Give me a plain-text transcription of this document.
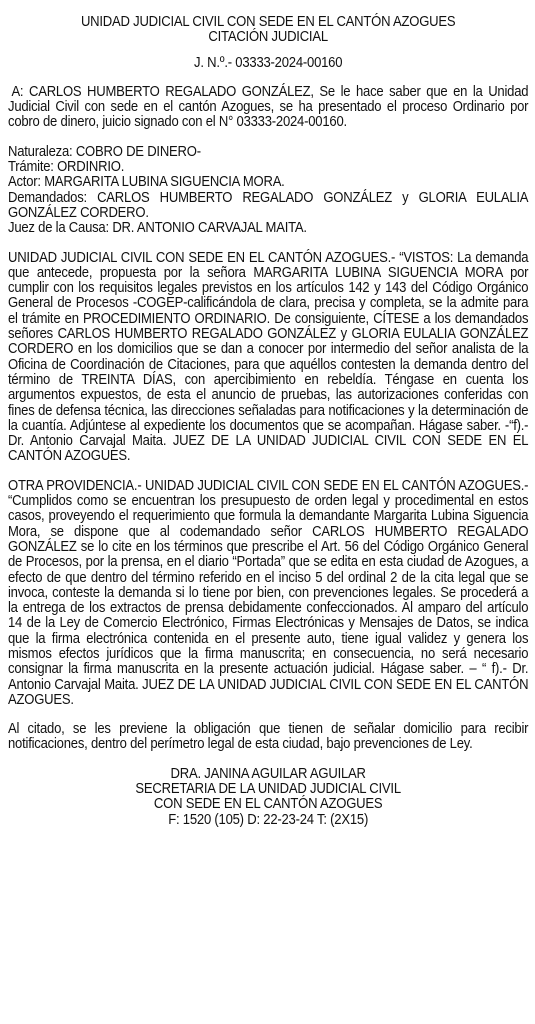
UNIDAD JUDICIAL CIVIL CON SEDE EN EL CANTÓN AZOGUES

CITACIÓN JUDICIAL

J. N.º.- 03333-2024-00160

A: CARLOS HUMBERTO REGALADO GONZÁLEZ, Se le hace saber que en la Unidad Judicial Civil con sede en el cantón Azogues, se ha presentado el proceso Ordinario por cobro de dinero, juicio signado con el N° 03333-2024-00160.

Naturaleza: COBRO DE DINERO-

Trámite: ORDINRIO.

Actor: MARGARITA LUBINA SIGUENCIA MORA.

Demandados: CARLOS HUMBERTO REGALADO GONZÁLEZ y GLORIA EULALIA GONZÁLEZ CORDERO.

Juez de la Causa: DR. ANTONIO CARVAJAL MAITA.

UNIDAD JUDICIAL CIVIL CON SEDE EN EL CANTÓN AZOGUES.- “VISTOS: La demanda que antecede, propuesta por la señora MARGARITA LUBINA SIGUENCIA MORA por cumplir con los requisitos legales previstos en los artículos 142 y 143 del Código Orgánico General de Procesos -COGEP-calificándola de clara, precisa y completa, se la admite para el trámite en PROCEDIMIENTO ORDINARIO. De consiguiente, CÍTESE a los demandados señores CARLOS HUMBERTO REGALADO GONZÁLEZ y GLORIA EULALIA GONZÁLEZ CORDERO en los domicilios que se dan a conocer por intermedio del señor analista de la Oficina de Coordinación de Citaciones, para que aquéllos contesten la demanda dentro del término de TREINTA DÍAS, con apercibimiento en rebeldía. Téngase en cuenta los argumentos expuestos, de esta el anuncio de pruebas, las autorizaciones conferidas con fines de defensa técnica, las direcciones señaladas para notificaciones y la determinación de la cuantía. Adjúntese al expediente los documentos que se acompañan. Hágase saber. -“f).- Dr. Antonio Carvajal Maita. JUEZ DE LA UNIDAD JUDICIAL CIVIL CON SEDE EN EL CANTÓN AZOGUES.

OTRA PROVIDENCIA.- UNIDAD JUDICIAL CIVIL CON SEDE EN EL CANTÓN AZOGUES.- “Cumplidos como se encuentran los presupuesto de orden legal y procedimental en estos casos, proveyendo el requerimiento que formula la demandante Margarita Lubina Siguencia Mora, se dispone que al codemandado señor CARLOS HUMBERTO REGALADO GONZÁLEZ se lo cite en los términos que prescribe el Art. 56 del Código Orgánico General de Procesos, por la prensa, en el diario “Portada” que se edita en esta ciudad de Azogues, a efecto de que dentro del término referido en el inciso 5 del ordinal 2 de la cita legal que se invoca, conteste la demanda si lo tiene por bien, con prevenciones legales. Se procederá a la entrega de los extractos de prensa debidamente confeccionados. Al amparo del artículo 14 de la Ley de Comercio Electrónico, Firmas Electrónicas y Mensajes de Datos, se indica que la firma electrónica contenida en el presente auto, tiene igual validez y genera los mismos efectos jurídicos que la firma manuscrita; en consecuencia, no será necesario consignar la firma manuscrita en la presente actuación judicial. Hágase saber. – “ f).- Dr. Antonio Carvajal Maita. JUEZ DE LA UNIDAD JUDICIAL CIVIL CON SEDE EN EL CANTÓN AZOGUES.

Al citado, se les previene la obligación que tienen de señalar domicilio para recibir notificaciones, dentro del perímetro legal de esta ciudad, bajo prevenciones de Ley.

DRA. JANINA AGUILAR AGUILAR

SECRETARIA DE LA UNIDAD JUDICIAL CIVIL

CON SEDE EN EL CANTÓN AZOGUES

F: 1520 (105) D: 22-23-24 T: (2X15)
